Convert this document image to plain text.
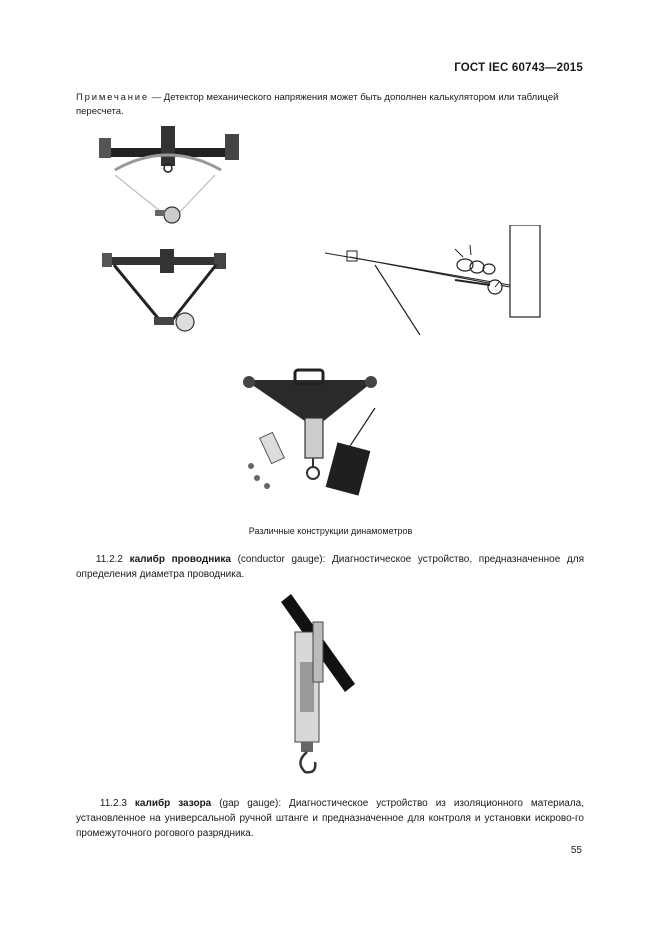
ГОСТ IEC 60743—2015
Примечание — Детектор механического напряжения может быть дополнен калькулятором или таблицей пересчета.
Различные конструкции динамометров
11.2.2 калибр проводника (conductor gauge): Диагностическое устройство, предназначенное для определения диаметра проводника.
11.2.3 калибр зазора (gap gauge): Диагностическое устройство из изоляционного материала, установленное на универсальной ручной штанге и предназначенное для контроля и установки искрово-го промежуточного рогового разрядника.
55
